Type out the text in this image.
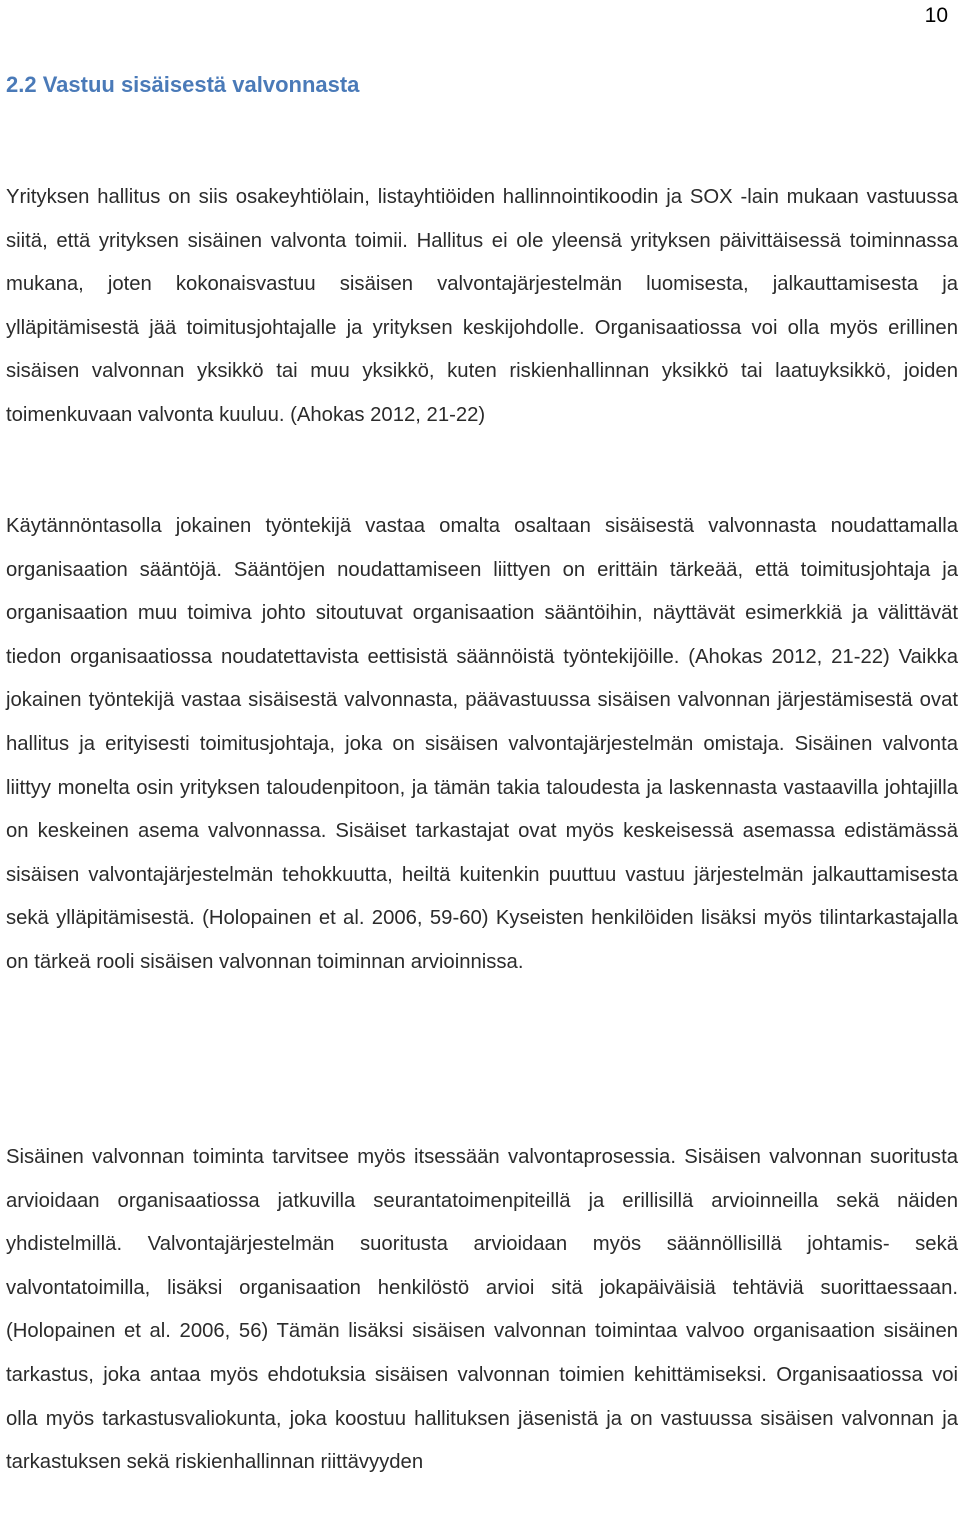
10
2.2 Vastuu sisäisestä valvonnasta

Yrityksen hallitus on siis osakeyhtiölain, listayhtiöiden hallinnointikoodin ja SOX -lain mukaan vastuussa siitä, että yrityksen sisäinen valvonta toimii. Hallitus ei ole yleensä yrityksen päivittäisessä toiminnassa mukana, joten kokonaisvastuu sisäisen valvontajärjestelmän luomisesta, jalkauttamisesta ja ylläpitämisestä jää toimitusjohtajalle ja yrityksen keskijohdolle. Organisaatiossa voi olla myös erillinen sisäisen valvonnan yksikkö tai muu yksikkö, kuten riskienhallinnan yksikkö tai laatuyksikkö, joiden toimenkuvaan valvonta kuuluu. (Ahokas 2012, 21-22)

Käytännöntasolla jokainen työntekijä vastaa omalta osaltaan sisäisestä valvonnasta noudattamalla organisaation sääntöjä. Sääntöjen noudattamiseen liittyen on erittäin tärkeää, että toimitusjohtaja ja organisaation muu toimiva johto sitoutuvat organisaation sääntöihin, näyttävät esimerkkiä ja välittävät tiedon organisaatiossa noudatettavista eettisistä säännöistä työntekijöille. (Ahokas 2012, 21-22) Vaikka jokainen työntekijä vastaa sisäisestä valvonnasta, päävastuussa sisäisen valvonnan järjestämisestä ovat hallitus ja erityisesti toimitusjohtaja, joka on sisäisen valvontajärjestelmän omistaja. Sisäinen valvonta liittyy monelta osin yrityksen taloudenpitoon, ja tämän takia taloudesta ja laskennasta vastaavilla johtajilla on keskeinen asema valvonnassa. Sisäiset tarkastajat ovat myös keskeisessä asemassa edistämässä sisäisen valvontajärjestelmän tehokkuutta, heiltä kuitenkin puuttuu vastuu järjestelmän jalkauttamisesta sekä ylläpitämisestä. (Holopainen et al. 2006, 59-60) Kyseisten henkilöiden lisäksi myös tilintarkastajalla on tärkeä rooli sisäisen valvonnan toiminnan arvioinnissa.

Sisäinen valvonnan toiminta tarvitsee myös itsessään valvontaprosessia. Sisäisen valvonnan suoritusta arvioidaan organisaatiossa jatkuvilla seurantatoimenpiteillä ja erillisillä arvioinneilla sekä näiden yhdistelmillä. Valvontajärjestelmän suoritusta arvioidaan myös säännöllisillä johtamis- sekä valvontatoimilla, lisäksi organisaation henkilöstö arvioi sitä jokapäiväisiä tehtäviä suorittaessaan. (Holopainen et al. 2006, 56) Tämän lisäksi sisäisen valvonnan toimintaa valvoo organisaation sisäinen tarkastus, joka antaa myös ehdotuksia sisäisen valvonnan toimien kehittämiseksi. Organisaatiossa voi olla myös tarkastusvaliokunta, joka koostuu hallituksen jäsenistä ja on vastuussa sisäisen valvonnan ja tarkastuksen sekä riskienhallinnan riittävyyden
